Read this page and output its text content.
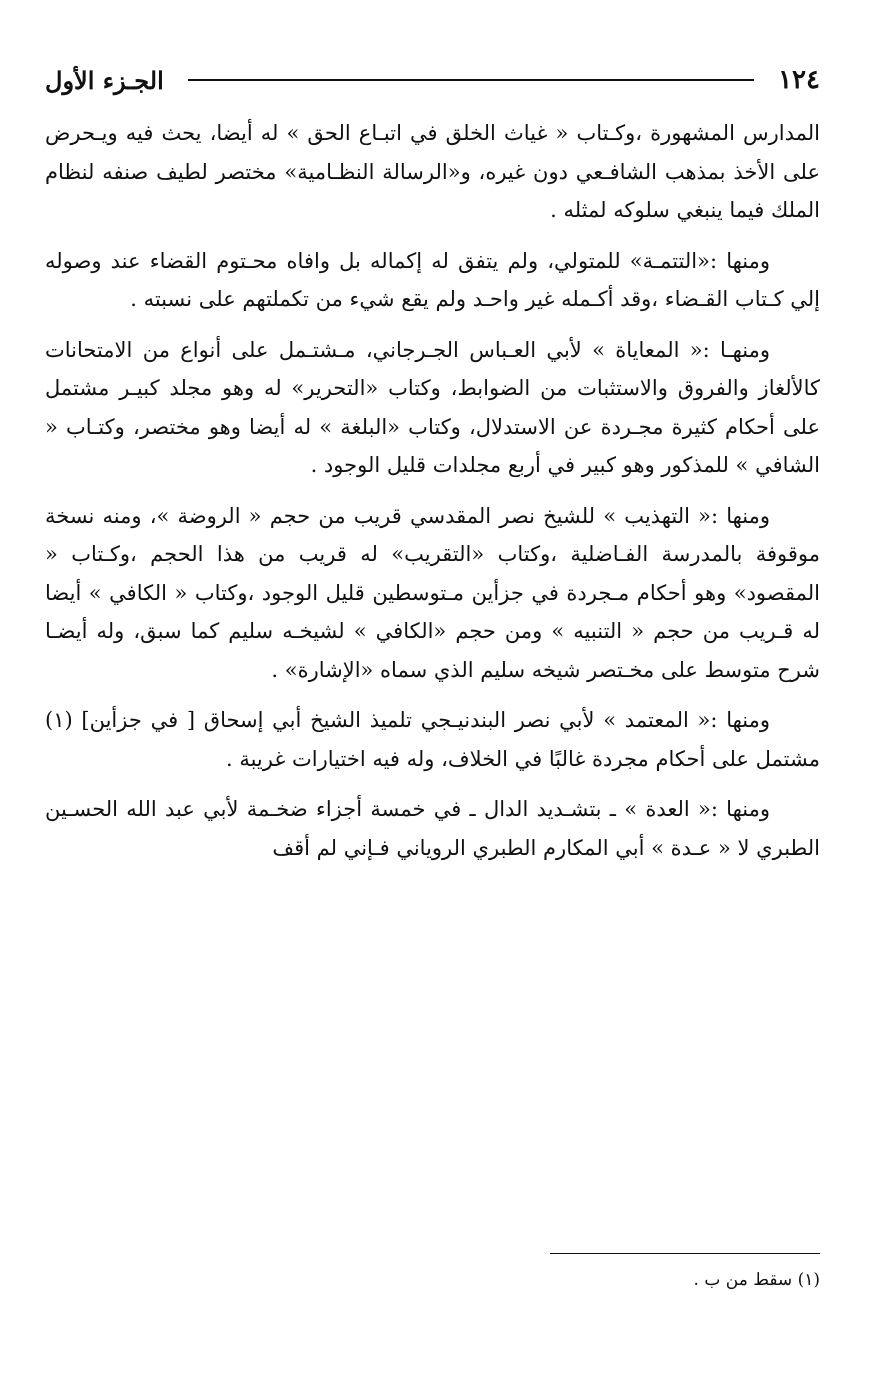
١٢٤
الجـزء الأول

المدارس المشهورة ،وكـتاب « غياث الخلق في اتبـاع الحق » له أيضا، يحث فيه ويـحرض على الأخذ بمذهب الشافـعي دون غيره، و«الرسالة النظـامية» مختصر لطيف صنفه لنظام الملك فيما ينبغي سلوكه لمثله .

ومنها :«التتمـة» للمتولي، ولم يتفق له إكماله بل وافاه محـتوم القضاء عند وصوله إلي كـتاب القـضاء ،وقد أكـمله غير واحـد ولم يقع شيء من تكملتهم على نسبته .

ومنهـا :« المعاياة » لأبي العـباس الجـرجاني، مـشتـمل على أنواع من الامتحانات كالألغاز والفروق والاستثبات من الضوابط، وكتاب «التحرير» له وهو مجلد كبيـر مشتمل على أحكام كثيرة مجـردة عن الاستدلال، وكتاب «البلغة » له أيضا وهو مختصر، وكتـاب « الشافي » للمذكور وهو كبير في أربع مجلدات قليل الوجود .

ومنها :« التهذيب » للشيخ نصر المقدسي قريب من حجم « الروضة »، ومنه نسخة موقوفة بالمدرسة الفـاضلية ،وكتاب «التقريب» له قريب من هذا الحجم ،وكـتاب « المقصود» وهو أحكام مـجردة في جزأين مـتوسطين قليل الوجود ،وكتاب « الكافي » أيضا له قـريب من حجم « التنبيه » ومن حجم «الكافي » لشيخـه سليم كما سبق، وله أيضـا شرح متوسط على مخـتصر شيخه سليم الذي سماه «الإشارة» .

ومنها :« المعتمد » لأبي نصر البندنيـجي تلميذ الشيخ أبي إسحاق [ في جزأين] (١) مشتمل على أحكام مجردة غالبًا في الخلاف، وله فيه اختيارات غريبة .

ومنها :« العدة » ـ بتشـديد الدال ـ في خمسة أجزاء ضخـمة لأبي عبد الله الحسـين الطبري لا « عـدة » أبي المكارم الطبري الروياني فـإني لم أقف

(١) سقط من ب .
